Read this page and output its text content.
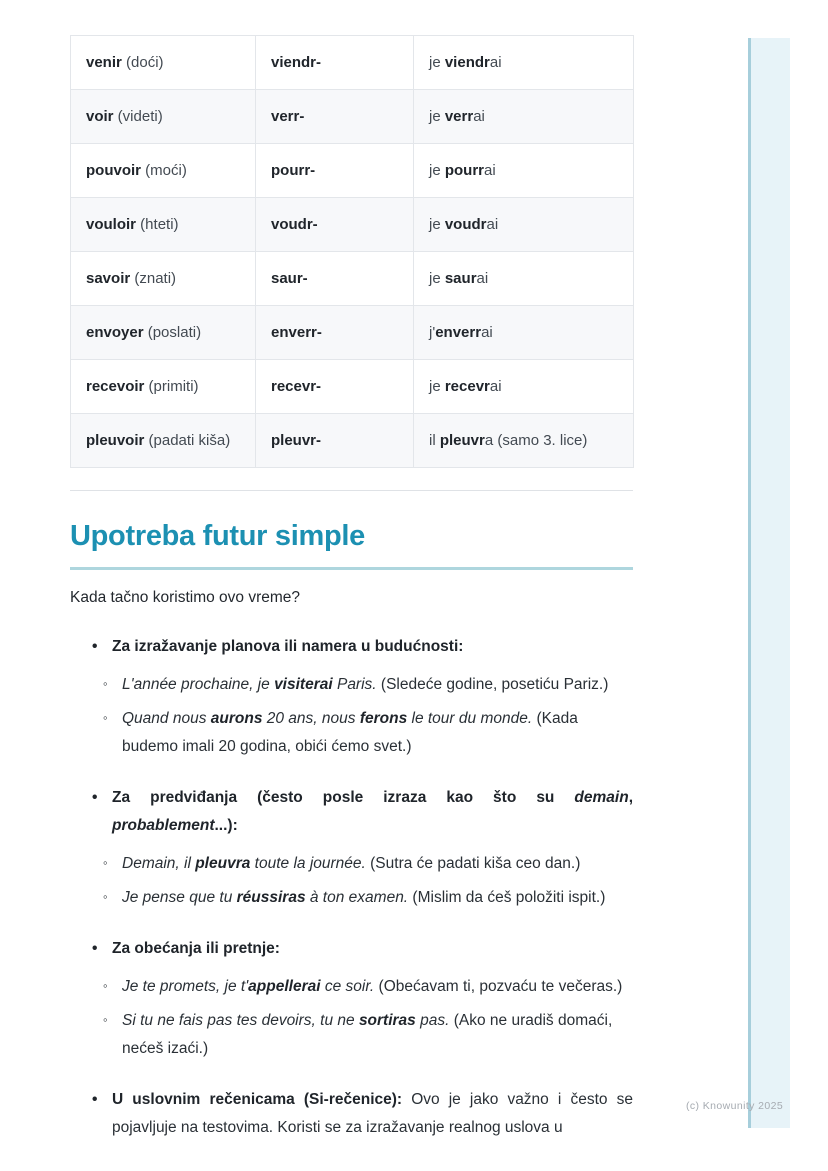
venir (doći)	viendr-	je viendrai
voir (videti)	verr-	je verrai
pouvoir (moći)	pourr-	je pourrai
vouloir (hteti)	voudr-	je voudrai
savoir (znati)	saur-	je saurai
envoyer (poslati)	enverr-	j'enverrai
recevoir (primiti)	recevr-	je recevrai
pleuvoir (padati kiša)	pleuvr-	il pleuvra (samo 3. lice)
Upotreba futur simple

Kada tačno koristimo ovo vreme?

• Za izražavanje planova ili namera u budućnosti:
◦ L'année prochaine, je visiterai Paris. (Sledeće godine, posetiću Pariz.)
◦ Quand nous aurons 20 ans, nous ferons le tour du monde. (Kada budemo imali 20 godina, obići ćemo svet.)
• Za predviđanja (često posle izraza kao što su demain, probablement...):
◦ Demain, il pleuvra toute la journée. (Sutra će padati kiša ceo dan.)
◦ Je pense que tu réussiras à ton examen. (Mislim da ćeš položiti ispit.)
• Za obećanja ili pretnje:
◦ Je te promets, je t'appellerai ce soir. (Obećavam ti, pozvaću te večeras.)
◦ Si tu ne fais pas tes devoirs, tu ne sortiras pas. (Ako ne uradiš domaći, nećeš izaći.)
• U uslovnim rečenicama (Si-rečenice): Ovo je jako važno i često se pojavljuje na testovima. Koristi se za izražavanje realnog uslova u
(c) Knowunity 2025
